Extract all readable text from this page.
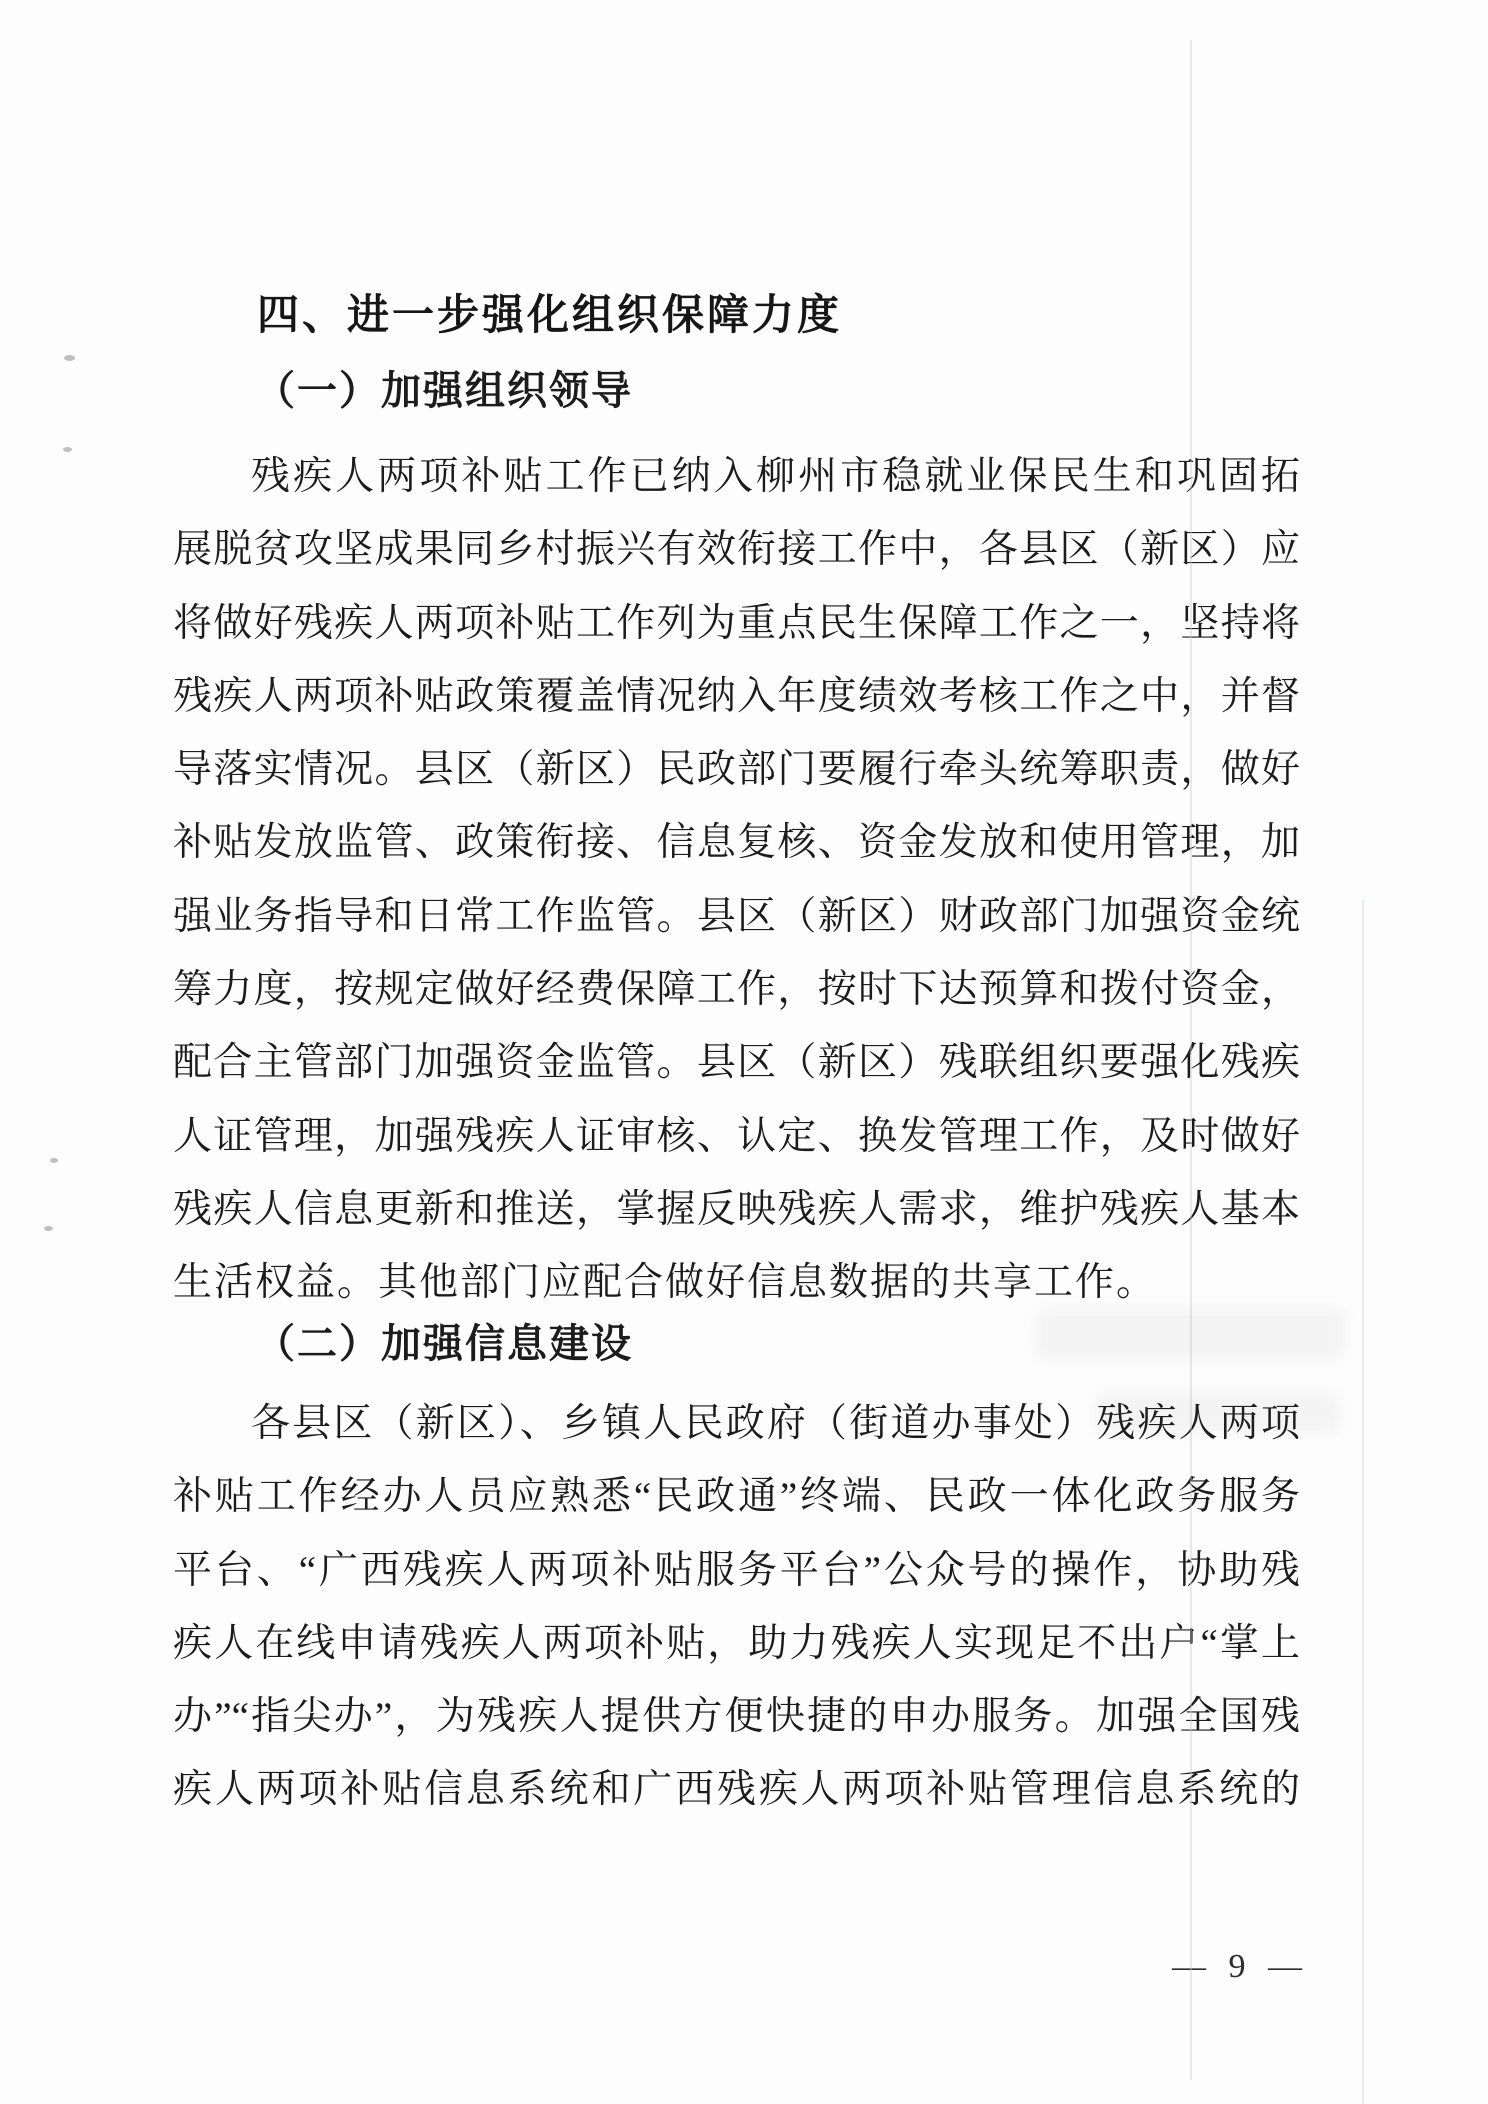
四、进一步强化组织保障力度
（一）加强组织领导
残疾人两项补贴工作已纳入柳州市稳就业保民生和巩固拓
展脱贫攻坚成果同乡村振兴有效衔接工作中，各县区（新区）应
将做好残疾人两项补贴工作列为重点民生保障工作之一，坚持将
残疾人两项补贴政策覆盖情况纳入年度绩效考核工作之中，并督
导落实情况。县区（新区）民政部门要履行牵头统筹职责，做好
补贴发放监管、政策衔接、信息复核、资金发放和使用管理，加
强业务指导和日常工作监管。县区（新区）财政部门加强资金统
筹力度，按规定做好经费保障工作，按时下达预算和拨付资金，
配合主管部门加强资金监管。县区（新区）残联组织要强化残疾
人证管理，加强残疾人证审核、认定、换发管理工作，及时做好
残疾人信息更新和推送，掌握反映残疾人需求，维护残疾人基本
生活权益。其他部门应配合做好信息数据的共享工作。
（二）加强信息建设
各县区（新区）、乡镇人民政府（街道办事处）残疾人两项
补贴工作经办人员应熟悉“民政通”终端、民政一体化政务服务
平台、“广西残疾人两项补贴服务平台”公众号的操作，协助残
疾人在线申请残疾人两项补贴，助力残疾人实现足不出户“掌上
办”“指尖办”，为残疾人提供方便快捷的申办服务。加强全国残
疾人两项补贴信息系统和广西残疾人两项补贴管理信息系统的
— 9 —
